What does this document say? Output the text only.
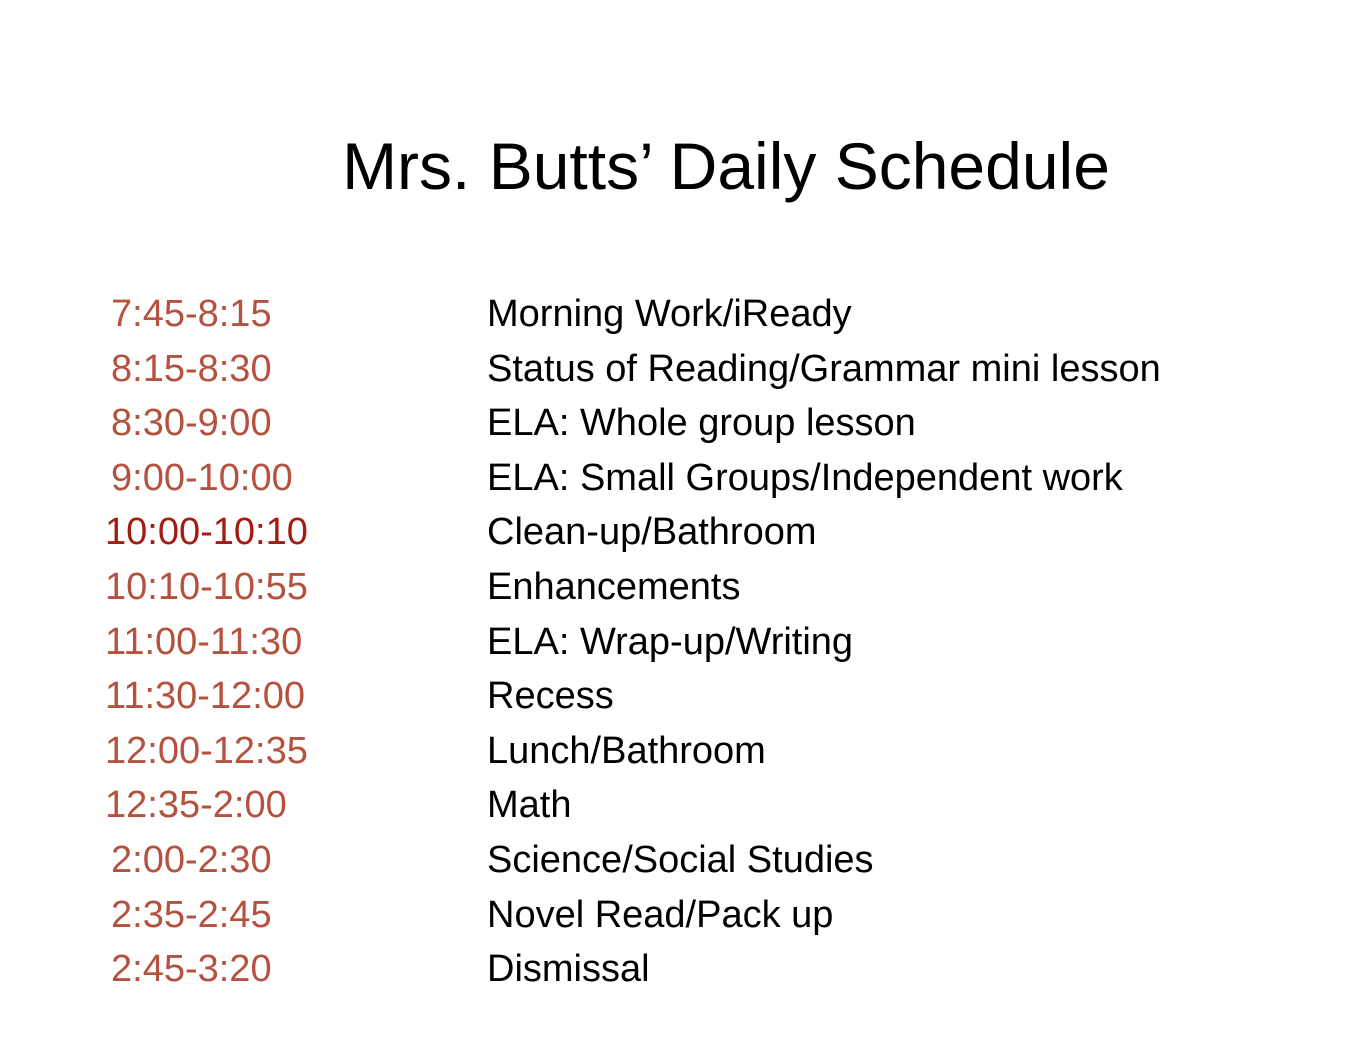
Mrs. Butts’ Daily Schedule
7:45-8:15	Morning Work/iReady
8:15-8:30	Status of Reading/Grammar mini lesson
8:30-9:00	ELA: Whole group lesson
9:00-10:00	ELA: Small Groups/Independent work
10:00-10:10	Clean-up/Bathroom
10:10-10:55	Enhancements
11:00-11:30	ELA: Wrap-up/Writing
11:30-12:00	Recess
12:00-12:35	Lunch/Bathroom
12:35-2:00	Math
2:00-2:30	Science/Social Studies
2:35-2:45	Novel Read/Pack up
2:45-3:20	Dismissal
